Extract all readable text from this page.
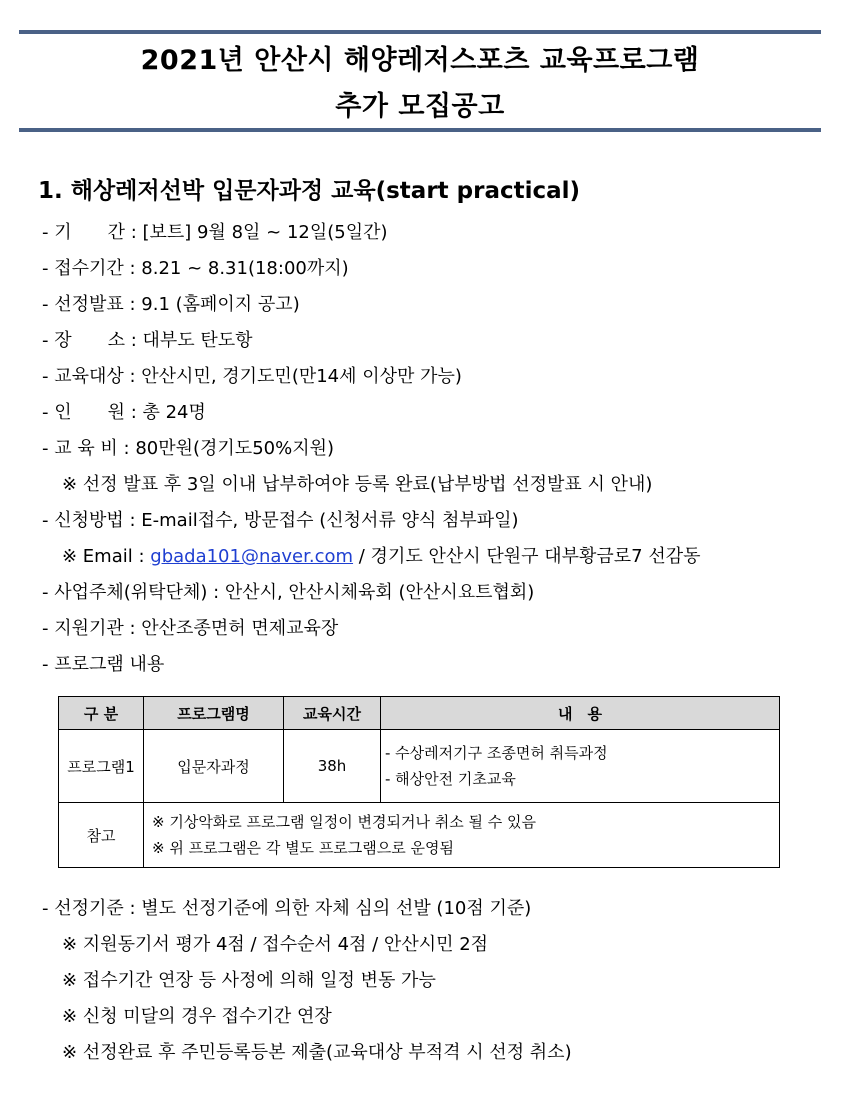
2021년 안산시 해양레저스포츠 교육프로그램
추가 모집공고
1. 해상레저선박 입문자과정 교육(start practical)
- 기　　간 : [보트] 9월 8일 ~ 12일(5일간)
- 접수기간 : 8.21 ~ 8.31(18:00까지)
- 선정발표 : 9.1 (홈페이지 공고)
- 장　　소 : 대부도 탄도항
- 교육대상 : 안산시민, 경기도민(만14세 이상만 가능)
- 인　　원 : 총 24명
- 교 육 비 : 80만원(경기도50%지원)
※ 선정 발표 후 3일 이내 납부하여야 등록 완료(납부방법 선정발표 시 안내)
- 신청방법 : E-mail접수, 방문접수 (신청서류 양식 첨부파일)
※ Email : gbada101@naver.com / 경기도 안산시 단원구 대부황금로7 선감동
- 사업주체(위탁단체) : 안산시, 안산시체육회 (안산시요트협회)
- 지원기관 : 안산조종면허 면제교육장
- 프로그램 내용
구 분	프로그램명	교육시간	내　용
프로그램1	입문자과정	38h	- 수상레저기구 조종면허 취득과정
- 해상안전 기초교육

참고	※ 기상악화로 프로그램 일정이 변경되거나 취소 될 수 있음
※ 위 프로그램은 각 별도 프로그램으로 운영됨		
- 선정기준 : 별도 선정기준에 의한 자체 심의 선발 (10점 기준)
※ 지원동기서 평가 4점 / 접수순서 4점 / 안산시민 2점
※ 접수기간 연장 등 사정에 의해 일정 변동 가능
※ 신청 미달의 경우 접수기간 연장
※ 선정완료 후 주민등록등본 제출(교육대상 부적격 시 선정 취소)
